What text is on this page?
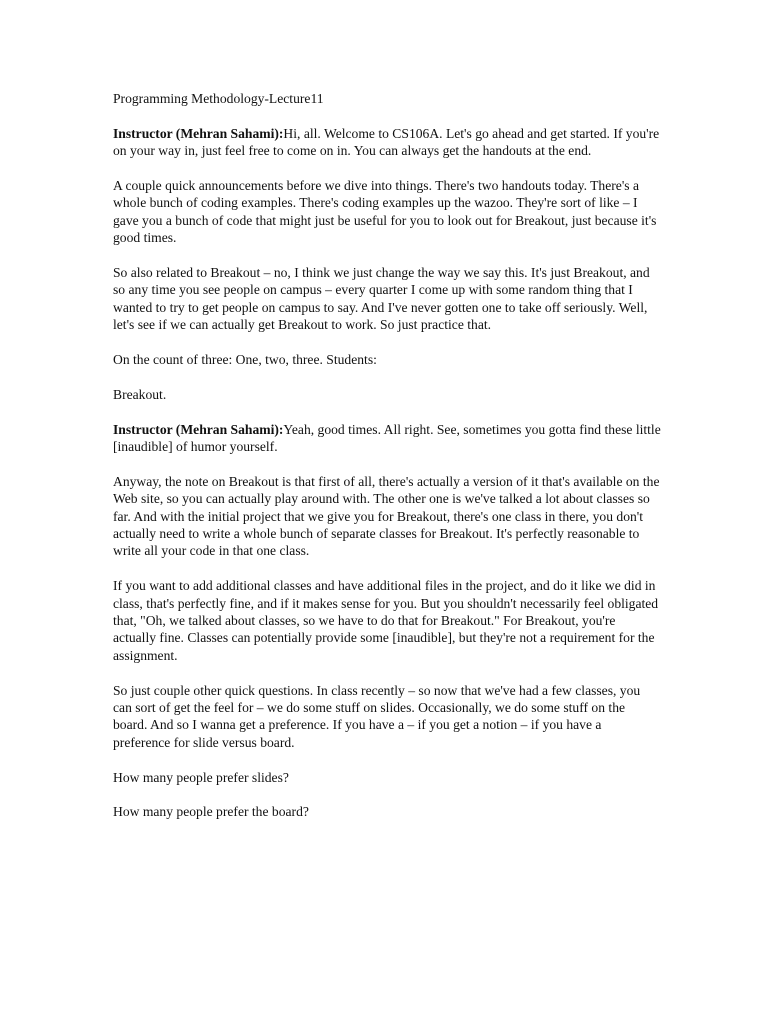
Programming Methodology-Lecture11

Instructor (Mehran Sahami):Hi, all. Welcome to CS106A. Let's go ahead and get started. If you're on your way in, just feel free to come on in. You can always get the handouts at the end.

A couple quick announcements before we dive into things. There's two handouts today. There's a whole bunch of coding examples. There's coding examples up the wazoo. They're sort of like – I gave you a bunch of code that might just be useful for you to look out for Breakout, just because it's good times.

So also related to Breakout – no, I think we just change the way we say this. It's just Breakout, and so any time you see people on campus – every quarter I come up with some random thing that I wanted to try to get people on campus to say. And I've never gotten one to take off seriously. Well, let's see if we can actually get Breakout to work. So just practice that.

On the count of three: One, two, three. Students:

Breakout.

Instructor (Mehran Sahami):Yeah, good times. All right. See, sometimes you gotta find these little [inaudible] of humor yourself.

Anyway, the note on Breakout is that first of all, there's actually a version of it that's available on the Web site, so you can actually play around with. The other one is we've talked a lot about classes so far. And with the initial project that we give you for Breakout, there's one class in there, you don't actually need to write a whole bunch of separate classes for Breakout. It's perfectly reasonable to write all your code in that one class.

If you want to add additional classes and have additional files in the project, and do it like we did in class, that's perfectly fine, and if it makes sense for you. But you shouldn't necessarily feel obligated that, "Oh, we talked about classes, so we have to do that for Breakout." For Breakout, you're actually fine. Classes can potentially provide some [inaudible], but they're not a requirement for the assignment.

So just couple other quick questions. In class recently – so now that we've had a few classes, you can sort of get the feel for – we do some stuff on slides. Occasionally, we do some stuff on the board. And so I wanna get a preference. If you have a – if you get a notion – if you have a preference for slide versus board.

How many people prefer slides?

How many people prefer the board?
